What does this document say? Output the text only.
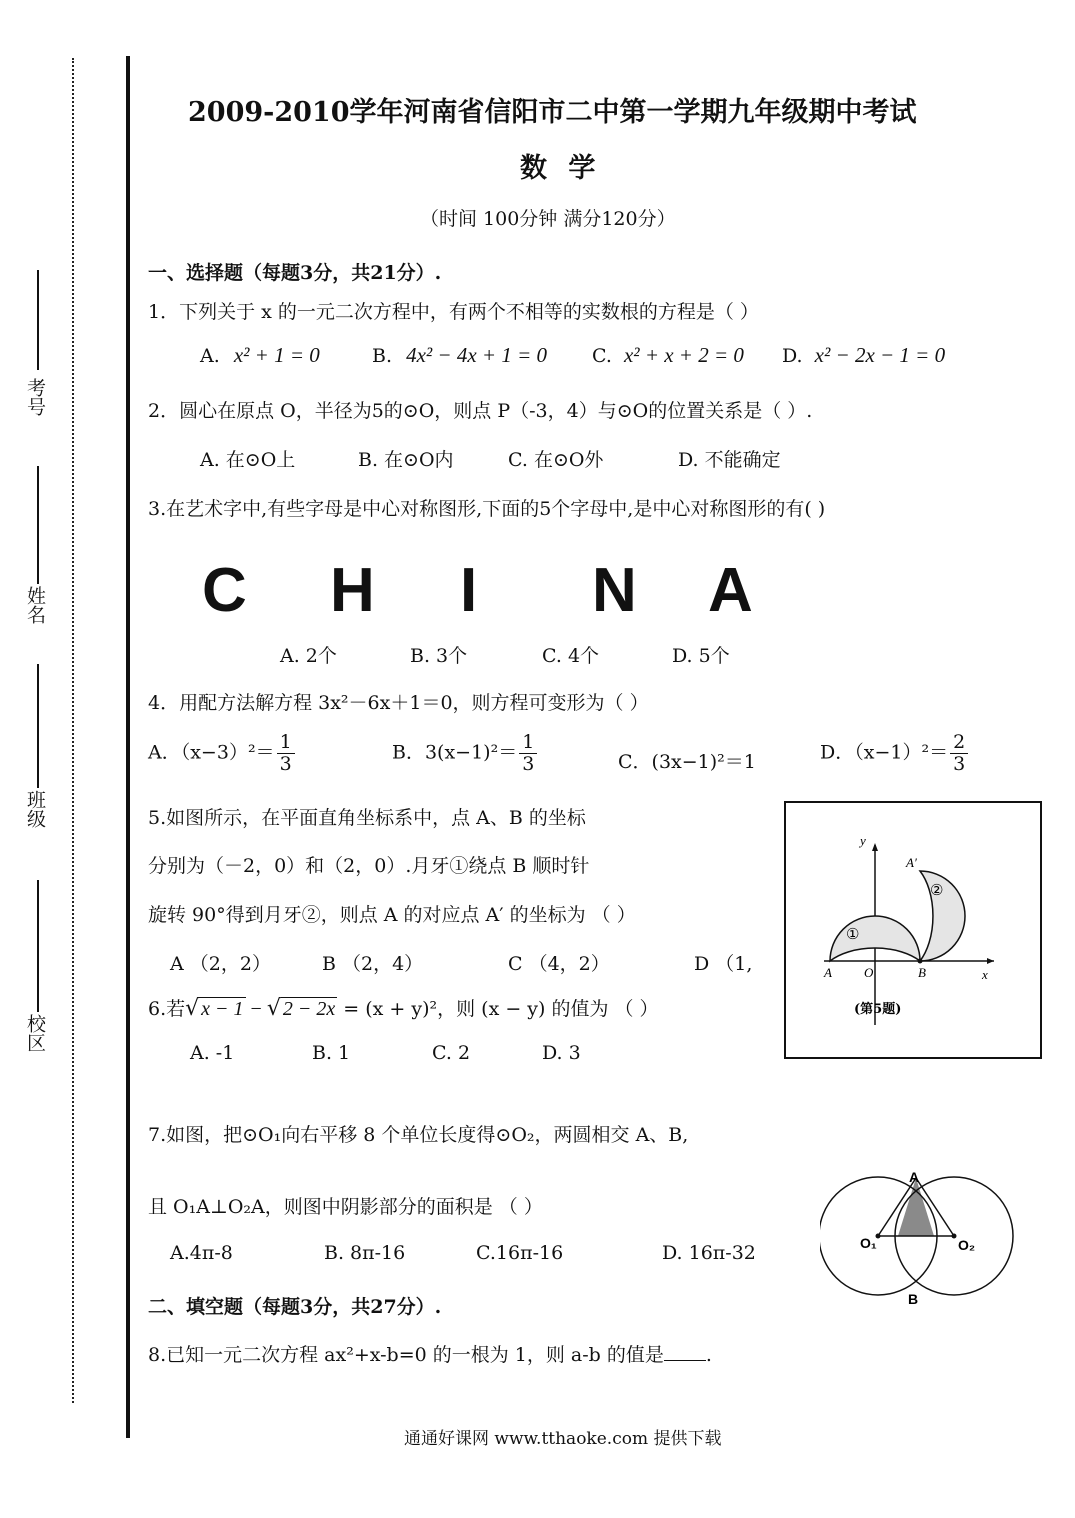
考号
姓名
班级
校区
2009-2010学年河南省信阳市二中第一学期九年级期中考试
数 学
（时间 100分钟 满分120分）
一、选择题（每题3分，共21分）.
1．下列关于 x 的一元二次方程中，有两个不相等的实数根的方程是（ ）
A. x² + 1 = 0	B. 4x² − 4x + 1 = 0 C. x² + x + 2 = 0 D. x² − 2x − 1 = 0
2．圆心在原点 O，半径为5的⊙O，则点 P（-3，4）与⊙O的位置关系是（ ）.
A. 在⊙O上	B. 在⊙O内	C. 在⊙O外	D. 不能确定
3.在艺术字中,有些字母是中心对称图形,下面的5个字母中,是中心对称图形的有( )
C H I N A
A. 2个	B. 3个	C. 4个	D. 5个
4．用配方法解方程 3x²－6x＋1＝0，则方程可变形为（ ）
A．$(x-3)^2= \frac{1}{3}$	B．$3(x-1)^2= \frac{1}{3}$	C．(3x−1)²＝1	D．$(x-1)^2= \frac{2}{3}$
5.如图所示，在平面直角坐标系中，点 A、B 的坐标
分别为（－2，0）和（2，0）.月牙①绕点 B 顺时针
旋转 90°得到月牙②，则点 A 的对应点 A′ 的坐标为 （ ）
A （2，2）	B （2，4）	C （4，2）	D （1,
y
x
A O	B
A′
①
②
(第5题)
6.若√ x − 1 − √ 2 − 2x = (x + y)²，则 (x − y) 的值为 （ ）
A. -1	B. 1	C. 2	D. 3
7.如图，把⊙O₁向右平移 8 个单位长度得⊙O₂，两圆相交 A、B,
且 O₁A⊥O₂A，则图中阴影部分的面积是 （ ）
A.4π-8	B. 8π-16	C.16π-16	D. 16π-32
A
B
O₁	O₂
二、填空题（每题3分，共27分）.
8.已知一元二次方程 ax²+x-b=0 的一根为 1，则 a-b 的值是 .
通通好课网 www.tthaoke.com 提供下载
